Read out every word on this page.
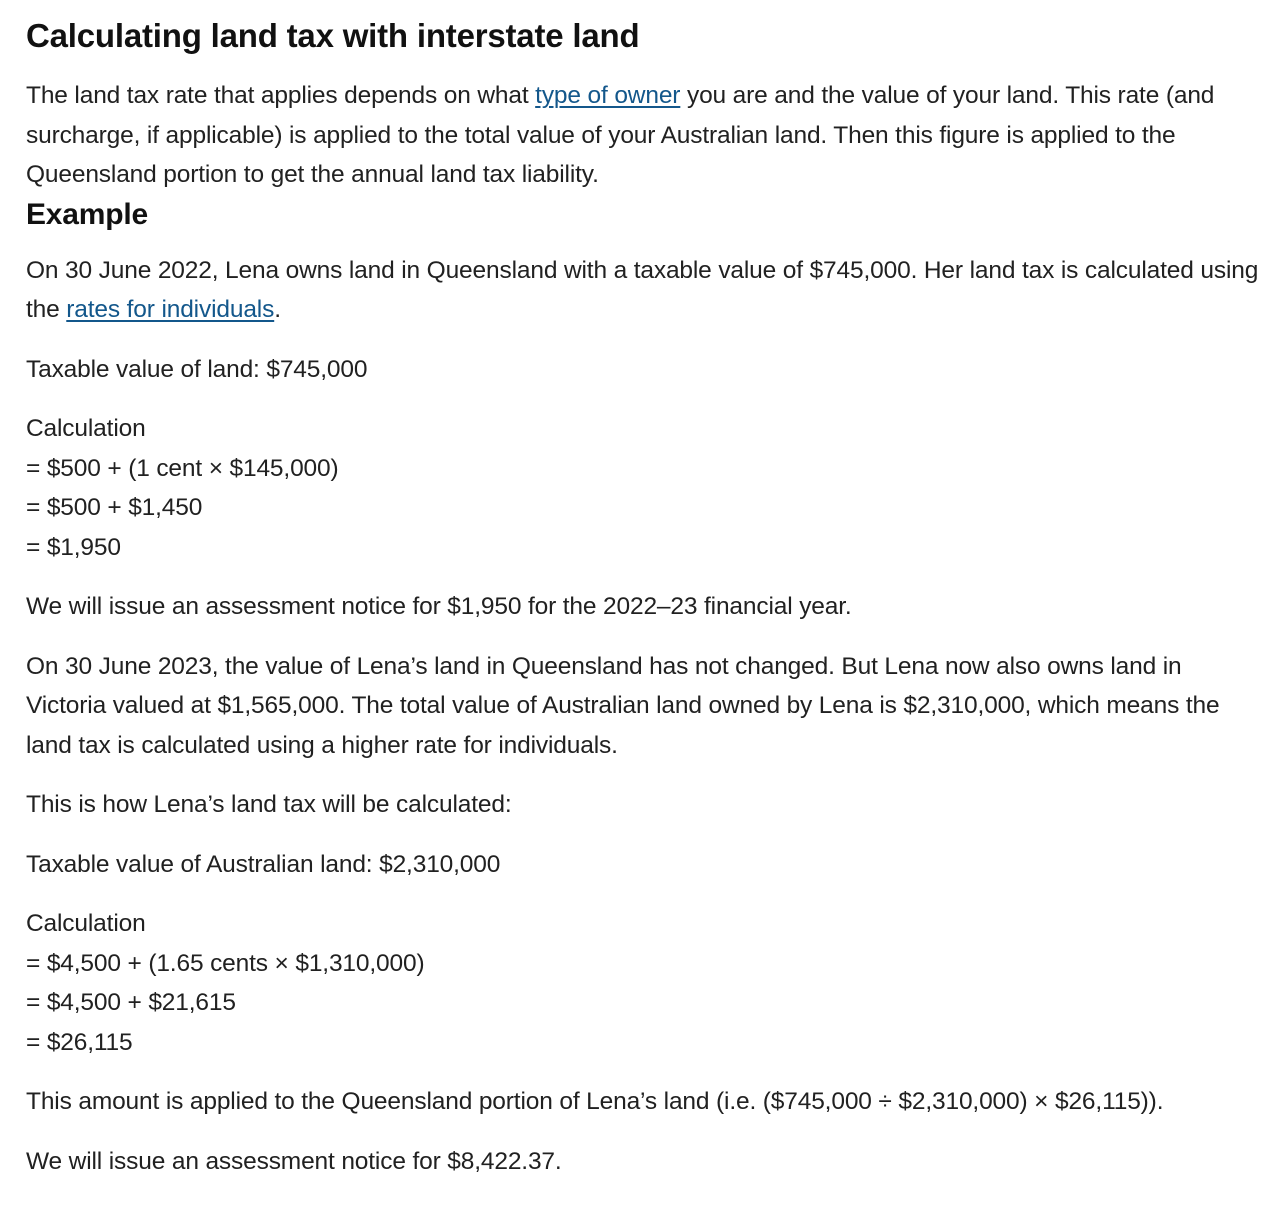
Calculating land tax with interstate land

The land tax rate that applies depends on what type of owner you are and the value of your land. This rate (and surcharge, if applicable) is applied to the total value of your Australian land. Then this figure is applied to the Queensland portion to get the annual land tax liability.

Example

On 30 June 2022, Lena owns land in Queensland with a taxable value of $745,000. Her land tax is calculated using the rates for individuals.

Taxable value of land: $745,000

Calculation
= $500 + (1 cent × $145,000)
= $500 + $1,450
= $1,950

We will issue an assessment notice for $1,950 for the 2022–23 financial year.

On 30 June 2023, the value of Lena’s land in Queensland has not changed. But Lena now also owns land in Victoria valued at $1,565,000. The total value of Australian land owned by Lena is $2,310,000, which means the land tax is calculated using a higher rate for individuals.

This is how Lena’s land tax will be calculated:

Taxable value of Australian land: $2,310,000

Calculation
= $4,500 + (1.65 cents × $1,310,000)
= $4,500 + $21,615
= $26,115

This amount is applied to the Queensland portion of Lena’s land (i.e. ($745,000 ÷ $2,310,000) × $26,115)).

We will issue an assessment notice for $8,422.37.
